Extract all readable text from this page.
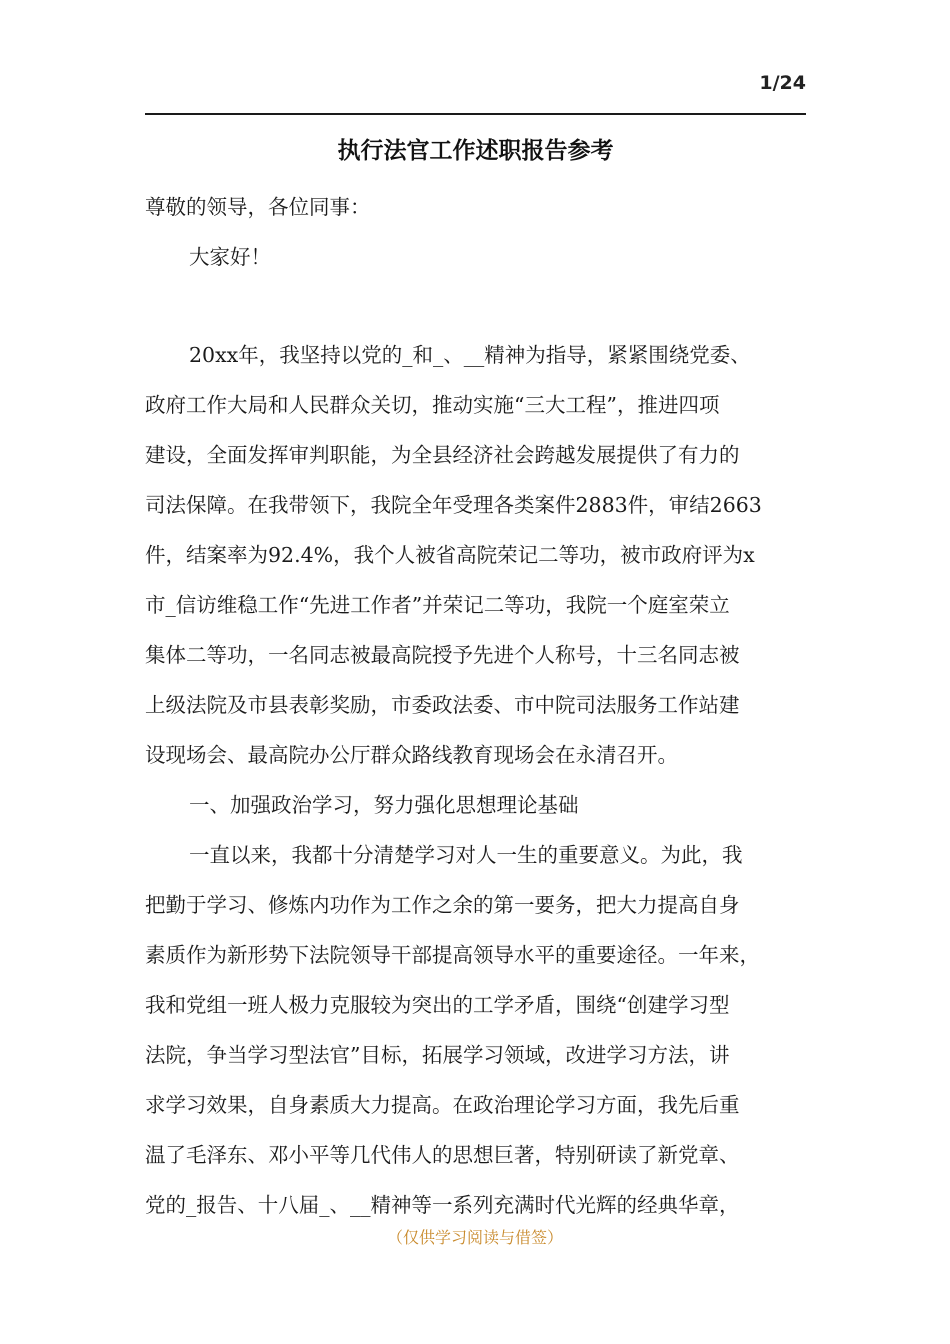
1/24
执行法官工作述职报告参考

尊敬的领导，各位同事：

大家好！

20xx年，我坚持以党的_和_、__精神为指导，紧紧围绕党委、
政府工作大局和人民群众关切，推动实施“三大工程”，推进四项
建设，全面发挥审判职能，为全县经济社会跨越发展提供了有力的
司法保障。在我带领下，我院全年受理各类案件2883件，审结2663
件，结案率为92.4%，我个人被省高院荣记二等功，被市政府评为x
市_信访维稳工作“先进工作者”并荣记二等功，我院一个庭室荣立
集体二等功，一名同志被最高院授予先进个人称号，十三名同志被
上级法院及市县表彰奖励，市委政法委、市中院司法服务工作站建
设现场会、最高院办公厅群众路线教育现场会在永清召开。

一、加强政治学习，努力强化思想理论基础

一直以来，我都十分清楚学习对人一生的重要意义。为此，我
把勤于学习、修炼内功作为工作之余的第一要务，把大力提高自身
素质作为新形势下法院领导干部提高领导水平的重要途径。一年来，
我和党组一班人极力克服较为突出的工学矛盾，围绕“创建学习型
法院，争当学习型法官”目标，拓展学习领域，改进学习方法，讲
求学习效果，自身素质大力提高。在政治理论学习方面，我先后重
温了毛泽东、邓小平等几代伟人的思想巨著，特别研读了新党章、
党的_报告、十八届_、__精神等一系列充满时代光辉的经典华章，

（仅供学习阅读与借签）
